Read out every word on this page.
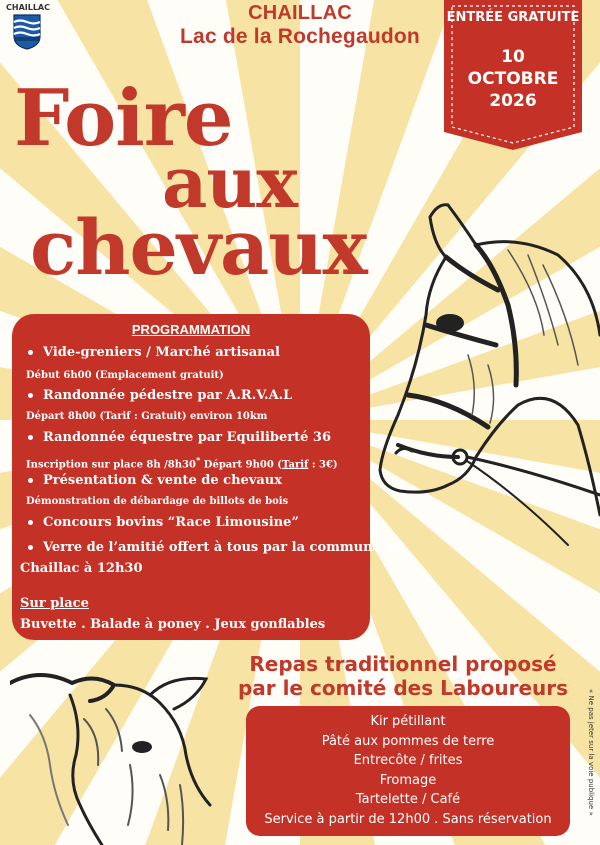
CHAILLAC	CHAILLAC
Lac de la Rochegaudon
ENTRÉE GRATUITE
10
OCTOBRE
2026
Foire
aux
chevaux
PROGRAMMATION
Vide-greniers / Marché artisanal
Début 6h00 (Emplacement gratuit)
Randonnée pédestre par A.R.V.A.L
Départ 8h00 (Tarif : Gratuit) environ 10km
Randonnée équestre par Equiliberté 36
Inscription sur place 8h /8h30* Départ 9h00 (Tarif : 3€)
Présentation & vente de chevaux
Démonstration de débardage de billots de bois
Concours bovins “Race Limousine”
Verre de l’amitié offert à tous par la commune de
Chaillac à 12h30
Sur place
Buvette . Balade à poney . Jeux gonflables
Repas traditionnel proposé
par le comité des Laboureurs
Kir pétillant
Pâté aux pommes de terre
Entrecôte / frites
Fromage
Tartelette / Café
Service à partir de 12h00 . Sans réservation
« Ne pas jeter sur la voie publique »
